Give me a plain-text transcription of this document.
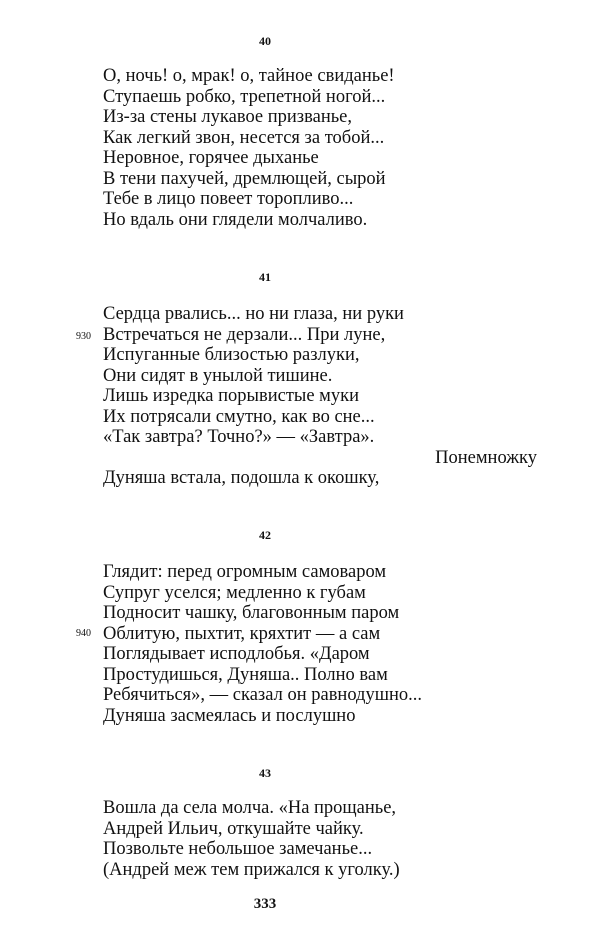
40
О, ночь! о, мрак! о, тайное свиданье!
Ступаешь робко, трепетной ногой...
Из-за стены лукавое призванье,
Как легкий звон, несется за тобой...
Неровное, горячее дыханье
В тени пахучей, дремлющей, сырой
Тебе в лицо повеет торопливо...
Но вдаль они глядели молчаливо.
41
930
Сердца рвались... но ни глаза, ни руки
Встречаться не дерзали... При луне,
Испуганные близостью разлуки,
Они сидят в унылой тишине.
Лишь изредка порывистые муки
Их потрясали смутно, как во сне...
«Так завтра? Точно?» — «Завтра».
Понемножку
Дуняша встала, подошла к окошку,
42
940
Глядит: перед огромным самоваром
Супруг уселся; медленно к губам
Подносит чашку, благовонным паром
Облитую, пыхтит, кряхтит — а сам
Поглядывает исподлобья. «Даром
Простудишься, Дуняша.. Полно вам
Ребячиться», — сказал он равнодушно...
Дуняша засмеялась и послушно
43
Вошла да села молча. «На прощанье,
Андрей Ильич, откушайте чайку.
Позвольте небольшое замечанье...
(Андрей меж тем прижался к уголку.)
333
